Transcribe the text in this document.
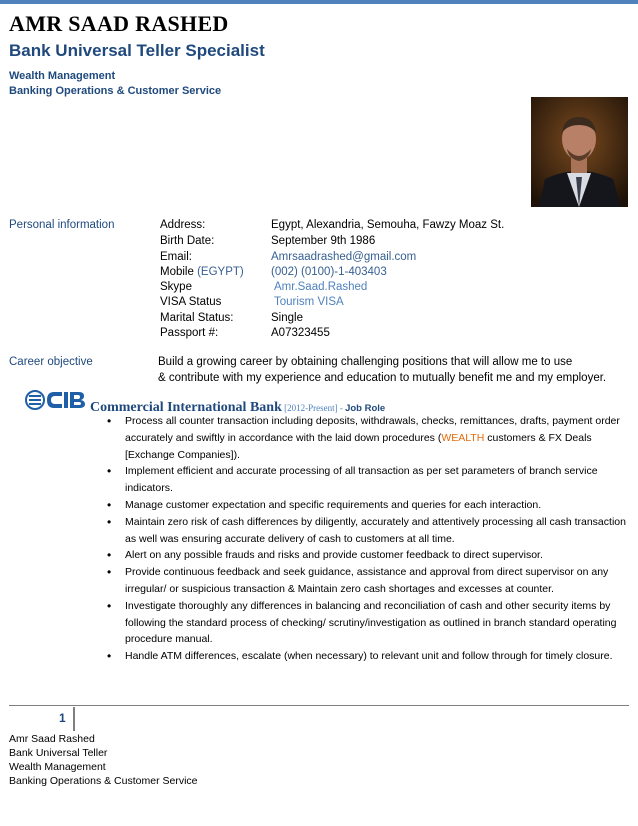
AMR SAAD RASHED
Bank Universal Teller Specialist
Wealth Management
Banking Operations & Customer Service
Personal information	Address:	Egypt, Alexandria, Semouha, Fawzy Moaz St.
Birth Date:	September 9th 1986
Email:	Amrsaadrashed@gmail.com
Mobile (EGYPT) (002) (0100)-1-403403
Skype	Amr.Saad.Rashed
VISA Status	Tourism VISA
Marital Status:	Single
Passport #:	A07323455
Career objective	Build a growing career by obtaining challenging positions that will allow me to use
& contribute with my experience and education to mutually benefit me and my employer.
Commercial International Bank [2012-Present] - Job Role
• Process all counter transaction including deposits, withdrawals, checks, remittances, drafts, payment order accurately and swiftly in accordance with the laid down procedures (WEALTH customers & FX Deals [Exchange Companies]).
• Implement efficient and accurate processing of all transaction as per set parameters of branch service indicators.
• Manage customer expectation and specific requirements and queries for each interaction.
• Maintain zero risk of cash differences by diligently, accurately and attentively processing all cash transaction as well was ensuring accurate delivery of cash to customers at all time.
• Alert on any possible frauds and risks and provide customer feedback to direct supervisor.
• Provide continuous feedback and seek guidance, assistance and approval from direct supervisor on any irregular/ or suspicious transaction & Maintain zero cash shortages and excesses at counter.
• Investigate thoroughly any differences in balancing and reconciliation of cash and other security items by following the standard process of checking/ scrutiny/investigation as outlined in branch standard operating procedure manual.
• Handle ATM differences, escalate (when necessary) to relevant unit and follow through for timely closure.
1
Amr Saad Rashed
Bank Universal Teller
Wealth Management
Banking Operations & Customer Service
